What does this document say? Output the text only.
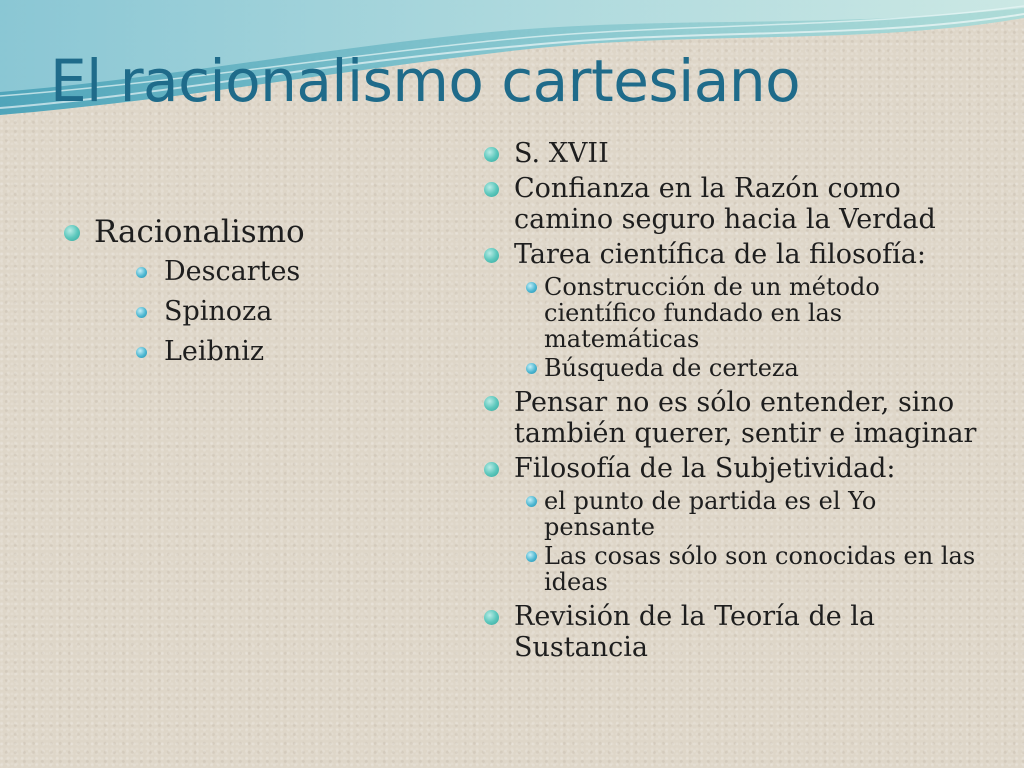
El racionalismo cartesiano
Racionalismo
Descartes
Spinoza
Leibniz
S. XVII
Confianza en la Razón como camino seguro hacia la Verdad
Tarea científica de la filosofía:
Construcción de un método científico fundado en las matemáticas
Búsqueda de certeza
Pensar no es sólo entender, sino también querer, sentir e imaginar
Filosofía de la Subjetividad:
el punto de partida es el Yo pensante
Las cosas sólo son conocidas en las ideas
Revisión de la Teoría de la Sustancia
